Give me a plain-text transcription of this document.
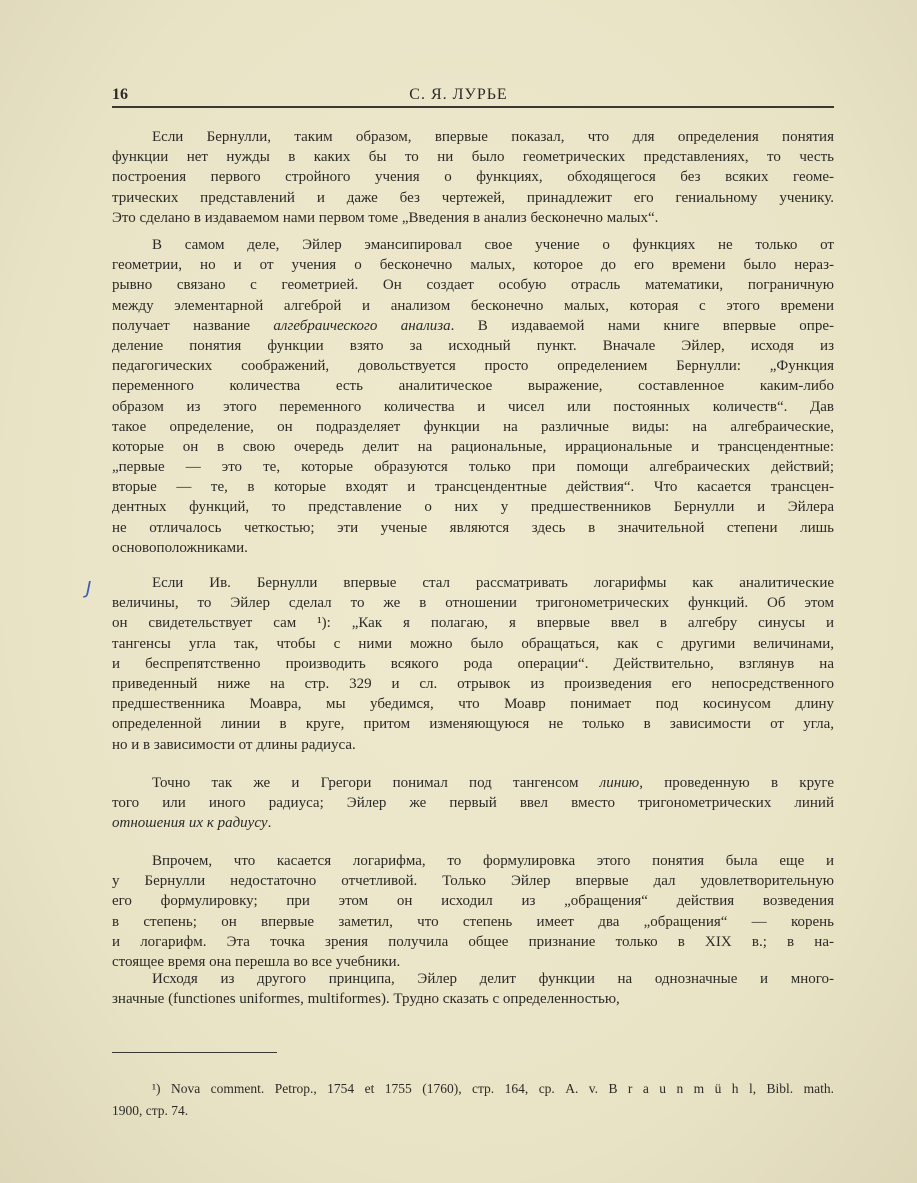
16	С. Я. ЛУРЬЕ
J
Если Бернулли, таким образом, впервые показал, что для определения понятия
функции нет нужды в каких бы то ни было геометрических представлениях, то честь
построения первого стройного учения о функциях, обходящегося без всяких геоме-
трических представлений и даже без чертежей, принадлежит его гениальному ученику.
Это сделано в издаваемом нами первом томе „Введения в анализ бесконечно малых“.
В самом деле, Эйлер эмансипировал свое учение о функциях не только от
геометрии, но и от учения о бесконечно малых, которое до его времени было нераз-
рывно связано с геометрией. Он создает особую отрасль математики, пограничную
между элементарной алгеброй и анализом бесконечно малых, которая с этого времени
получает название алгебраического анализа. В издаваемой нами книге впервые опре-
деление понятия функции взято за исходный пункт. Вначале Эйлер, исходя из
педагогических соображений, довольствуется просто определением Бернулли: „Функция
переменного количества есть аналитическое выражение, составленное каким-либо
образом из этого переменного количества и чисел или постоянных количеств“. Дав
такое определение, он подразделяет функции на различные виды: на алгебраические,
которые он в свою очередь делит на рациональные, иррациональные и трансцендентные:
„первые — это те, которые образуются только при помощи алгебраических действий;
вторые — те, в которые входят и трансцендентные действия“. Что касается трансцен-
дентных функций, то представление о них у предшественников Бернулли и Эйлера
не отличалось четкостью; эти ученые являются здесь в значительной степени лишь
основоположниками.
Если Ив. Бернулли впервые стал рассматривать логарифмы как аналитические
величины, то Эйлер сделал то же в отношении тригонометрических функций. Об этом
он свидетельствует сам ¹): „Как я полагаю, я впервые ввел в алгебру синусы и
тангенсы угла так, чтобы с ними можно было обращаться, как с другими величинами,
и беспрепятственно производить всякого рода операции“. Действительно, взглянув на
приведенный ниже на стр. 329 и сл. отрывок из произведения его непосредственного
предшественника Моавра, мы убедимся, что Моавр понимает под косинусом длину
определенной линии в круге, притом изменяющуюся не только в зависимости от угла,
но и в зависимости от длины радиуса.
Точно так же и Грегори понимал под тангенсом линию, проведенную в круге
того или иного радиуса; Эйлер же первый ввел вместо тригонометрических линий
отношения их к радиусу.
Впрочем, что касается логарифма, то формулировка этого понятия была еще и
у Бернулли недостаточно отчетливой. Только Эйлер впервые дал удовлетворительную
его формулировку; при этом он исходил из „обращения“ действия возведения
в степень; он впервые заметил, что степень имеет два „обращения“ — корень
и логарифм. Эта точка зрения получила общее признание только в XIX в.; в на-
стоящее время она перешла во все учебники.
Исходя из другого принципа, Эйлер делит функции на однозначные и много-
значные (functiones uniformes, multiformes). Трудно сказать с определенностью,
¹) Nova comment. Petrop., 1754 et 1755 (1760), стр. 164, ср. A. v. B r a u n m ü h l, Bibl. math.
1900, стр. 74.
